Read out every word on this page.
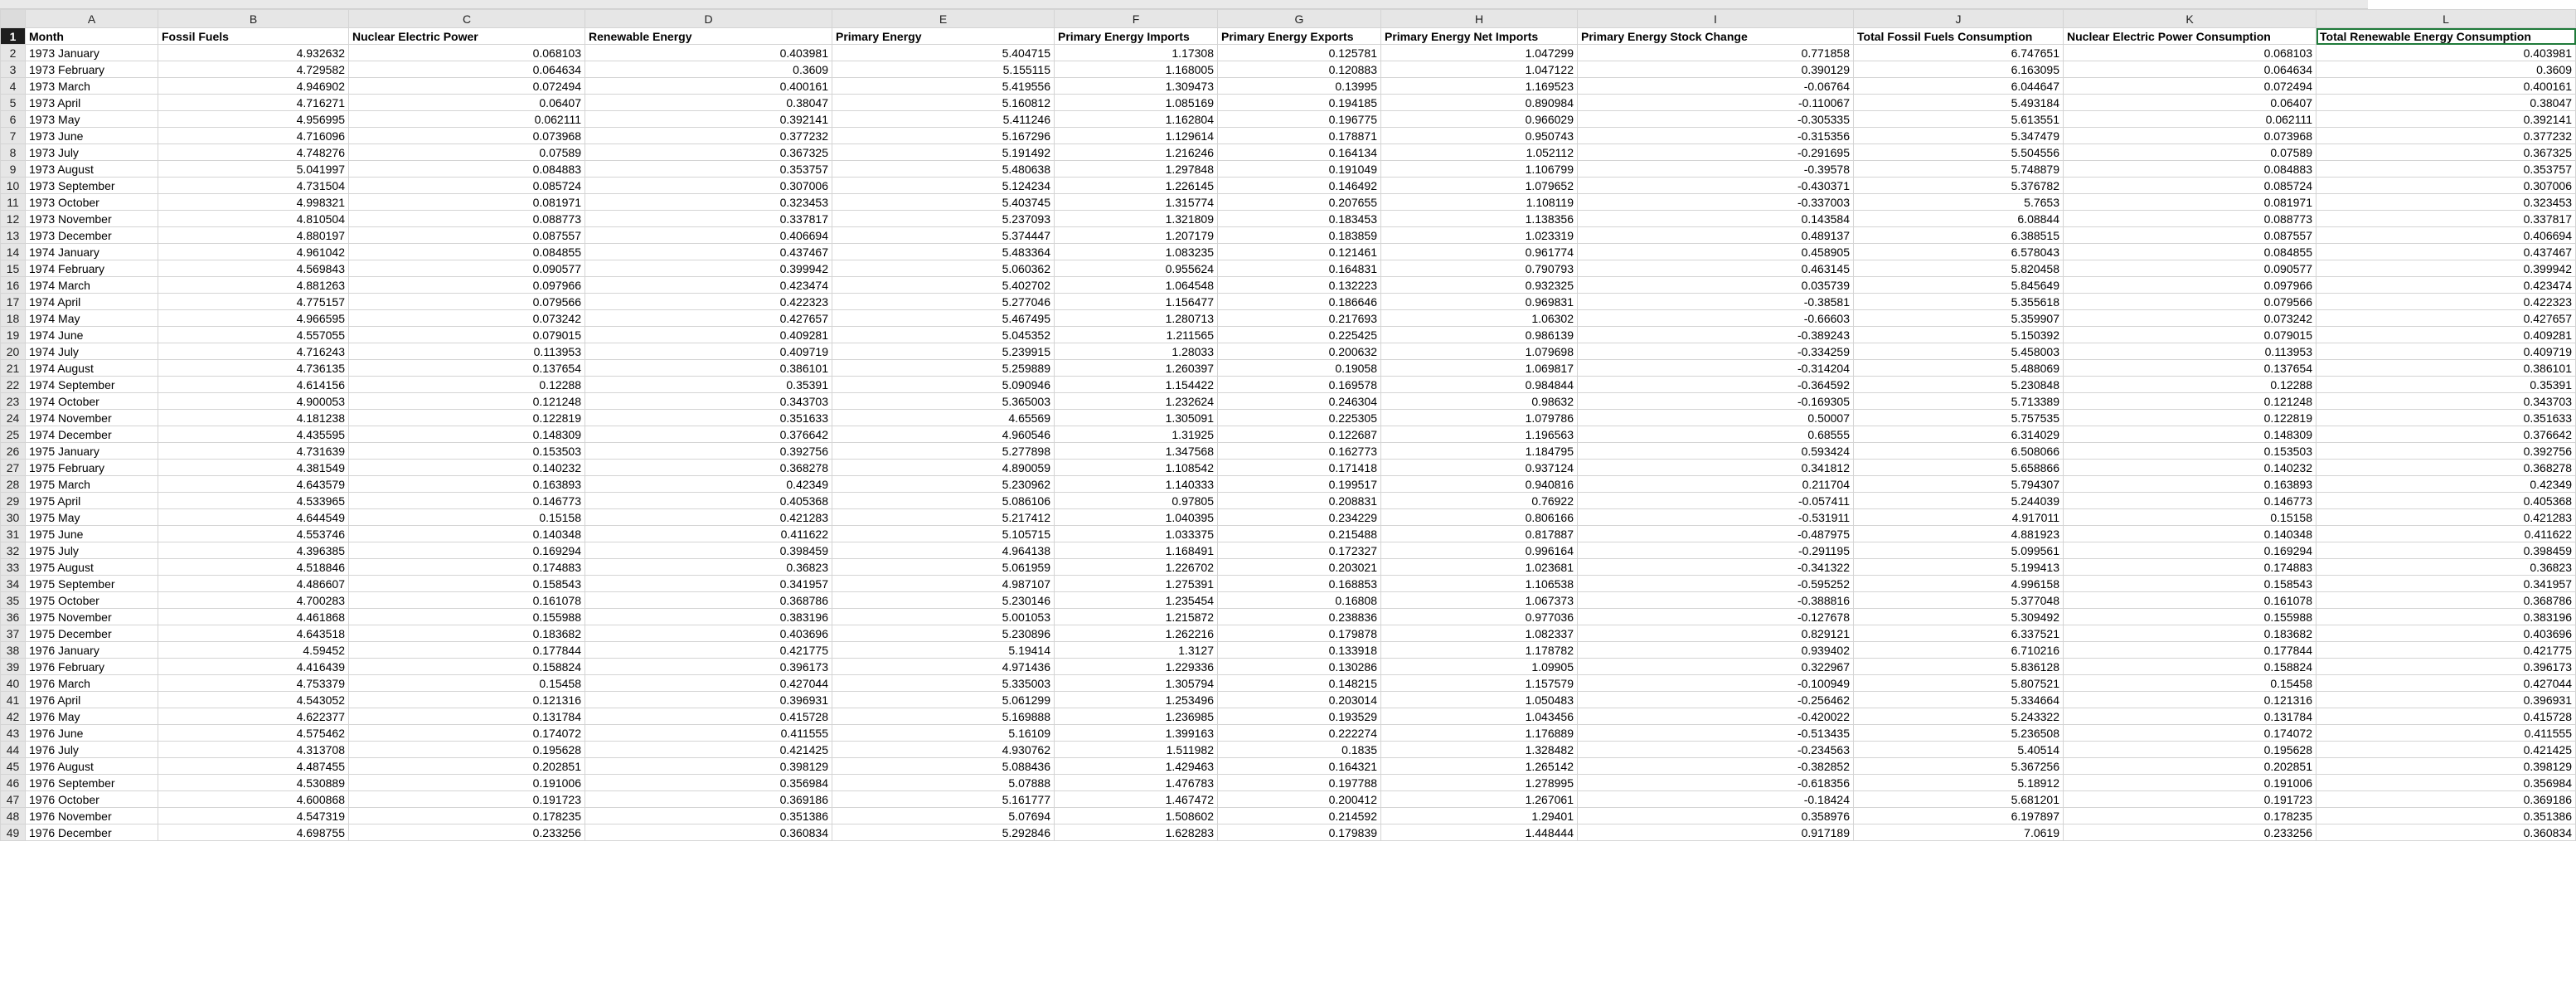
	A	B	C	D	E	F	G	H	I	J	K	L
1	Month	Fossil Fuels	Nuclear Electric Power	Renewable Energy	Primary Energy	Primary Energy Imports	Primary Energy Exports	Primary Energy Net Imports	Primary Energy Stock Change	Total Fossil Fuels Consumption	Nuclear Electric Power Consumption	Total Renewable Energy Consumption
2	1973 January	4.932632	0.068103	0.403981	5.404715	1.17308	0.125781	1.047299	0.771858	6.747651	0.068103	0.403981
3	1973 February	4.729582	0.064634	0.3609	5.155115	1.168005	0.120883	1.047122	0.390129	6.163095	0.064634	0.3609
4	1973 March	4.946902	0.072494	0.400161	5.419556	1.309473	0.13995	1.169523	-0.06764	6.044647	0.072494	0.400161
5	1973 April	4.716271	0.06407	0.38047	5.160812	1.085169	0.194185	0.890984	-0.110067	5.493184	0.06407	0.38047
6	1973 May	4.956995	0.062111	0.392141	5.411246	1.162804	0.196775	0.966029	-0.305335	5.613551	0.062111	0.392141
7	1973 June	4.716096	0.073968	0.377232	5.167296	1.129614	0.178871	0.950743	-0.315356	5.347479	0.073968	0.377232
8	1973 July	4.748276	0.07589	0.367325	5.191492	1.216246	0.164134	1.052112	-0.291695	5.504556	0.07589	0.367325
9	1973 August	5.041997	0.084883	0.353757	5.480638	1.297848	0.191049	1.106799	-0.39578	5.748879	0.084883	0.353757
10	1973 September	4.731504	0.085724	0.307006	5.124234	1.226145	0.146492	1.079652	-0.430371	5.376782	0.085724	0.307006
11	1973 October	4.998321	0.081971	0.323453	5.403745	1.315774	0.207655	1.108119	-0.337003	5.7653	0.081971	0.323453
12	1973 November	4.810504	0.088773	0.337817	5.237093	1.321809	0.183453	1.138356	0.143584	6.08844	0.088773	0.337817
13	1973 December	4.880197	0.087557	0.406694	5.374447	1.207179	0.183859	1.023319	0.489137	6.388515	0.087557	0.406694
14	1974 January	4.961042	0.084855	0.437467	5.483364	1.083235	0.121461	0.961774	0.458905	6.578043	0.084855	0.437467
15	1974 February	4.569843	0.090577	0.399942	5.060362	0.955624	0.164831	0.790793	0.463145	5.820458	0.090577	0.399942
16	1974 March	4.881263	0.097966	0.423474	5.402702	1.064548	0.132223	0.932325	0.035739	5.845649	0.097966	0.423474
17	1974 April	4.775157	0.079566	0.422323	5.277046	1.156477	0.186646	0.969831	-0.38581	5.355618	0.079566	0.422323
18	1974 May	4.966595	0.073242	0.427657	5.467495	1.280713	0.217693	1.06302	-0.66603	5.359907	0.073242	0.427657
19	1974 June	4.557055	0.079015	0.409281	5.045352	1.211565	0.225425	0.986139	-0.389243	5.150392	0.079015	0.409281
20	1974 July	4.716243	0.113953	0.409719	5.239915	1.28033	0.200632	1.079698	-0.334259	5.458003	0.113953	0.409719
21	1974 August	4.736135	0.137654	0.386101	5.259889	1.260397	0.19058	1.069817	-0.314204	5.488069	0.137654	0.386101
22	1974 September	4.614156	0.12288	0.35391	5.090946	1.154422	0.169578	0.984844	-0.364592	5.230848	0.12288	0.35391
23	1974 October	4.900053	0.121248	0.343703	5.365003	1.232624	0.246304	0.98632	-0.169305	5.713389	0.121248	0.343703
24	1974 November	4.181238	0.122819	0.351633	4.65569	1.305091	0.225305	1.079786	0.50007	5.757535	0.122819	0.351633
25	1974 December	4.435595	0.148309	0.376642	4.960546	1.31925	0.122687	1.196563	0.68555	6.314029	0.148309	0.376642
26	1975 January	4.731639	0.153503	0.392756	5.277898	1.347568	0.162773	1.184795	0.593424	6.508066	0.153503	0.392756
27	1975 February	4.381549	0.140232	0.368278	4.890059	1.108542	0.171418	0.937124	0.341812	5.658866	0.140232	0.368278
28	1975 March	4.643579	0.163893	0.42349	5.230962	1.140333	0.199517	0.940816	0.211704	5.794307	0.163893	0.42349
29	1975 April	4.533965	0.146773	0.405368	5.086106	0.97805	0.208831	0.76922	-0.057411	5.244039	0.146773	0.405368
30	1975 May	4.644549	0.15158	0.421283	5.217412	1.040395	0.234229	0.806166	-0.531911	4.917011	0.15158	0.421283
31	1975 June	4.553746	0.140348	0.411622	5.105715	1.033375	0.215488	0.817887	-0.487975	4.881923	0.140348	0.411622
32	1975 July	4.396385	0.169294	0.398459	4.964138	1.168491	0.172327	0.996164	-0.291195	5.099561	0.169294	0.398459
33	1975 August	4.518846	0.174883	0.36823	5.061959	1.226702	0.203021	1.023681	-0.341322	5.199413	0.174883	0.36823
34	1975 September	4.486607	0.158543	0.341957	4.987107	1.275391	0.168853	1.106538	-0.595252	4.996158	0.158543	0.341957
35	1975 October	4.700283	0.161078	0.368786	5.230146	1.235454	0.16808	1.067373	-0.388816	5.377048	0.161078	0.368786
36	1975 November	4.461868	0.155988	0.383196	5.001053	1.215872	0.238836	0.977036	-0.127678	5.309492	0.155988	0.383196
37	1975 December	4.643518	0.183682	0.403696	5.230896	1.262216	0.179878	1.082337	0.829121	6.337521	0.183682	0.403696
38	1976 January	4.59452	0.177844	0.421775	5.19414	1.3127	0.133918	1.178782	0.939402	6.710216	0.177844	0.421775
39	1976 February	4.416439	0.158824	0.396173	4.971436	1.229336	0.130286	1.09905	0.322967	5.836128	0.158824	0.396173
40	1976 March	4.753379	0.15458	0.427044	5.335003	1.305794	0.148215	1.157579	-0.100949	5.807521	0.15458	0.427044
41	1976 April	4.543052	0.121316	0.396931	5.061299	1.253496	0.203014	1.050483	-0.256462	5.334664	0.121316	0.396931
42	1976 May	4.622377	0.131784	0.415728	5.169888	1.236985	0.193529	1.043456	-0.420022	5.243322	0.131784	0.415728
43	1976 June	4.575462	0.174072	0.411555	5.16109	1.399163	0.222274	1.176889	-0.513435	5.236508	0.174072	0.411555
44	1976 July	4.313708	0.195628	0.421425	4.930762	1.511982	0.1835	1.328482	-0.234563	5.40514	0.195628	0.421425
45	1976 August	4.487455	0.202851	0.398129	5.088436	1.429463	0.164321	1.265142	-0.382852	5.367256	0.202851	0.398129
46	1976 September	4.530889	0.191006	0.356984	5.07888	1.476783	0.197788	1.278995	-0.618356	5.18912	0.191006	0.356984
47	1976 October	4.600868	0.191723	0.369186	5.161777	1.467472	0.200412	1.267061	-0.18424	5.681201	0.191723	0.369186
48	1976 November	4.547319	0.178235	0.351386	5.07694	1.508602	0.214592	1.29401	0.358976	6.197897	0.178235	0.351386
49	1976 December	4.698755	0.233256	0.360834	5.292846	1.628283	0.179839	1.448444	0.917189	7.0619	0.233256	0.360834
